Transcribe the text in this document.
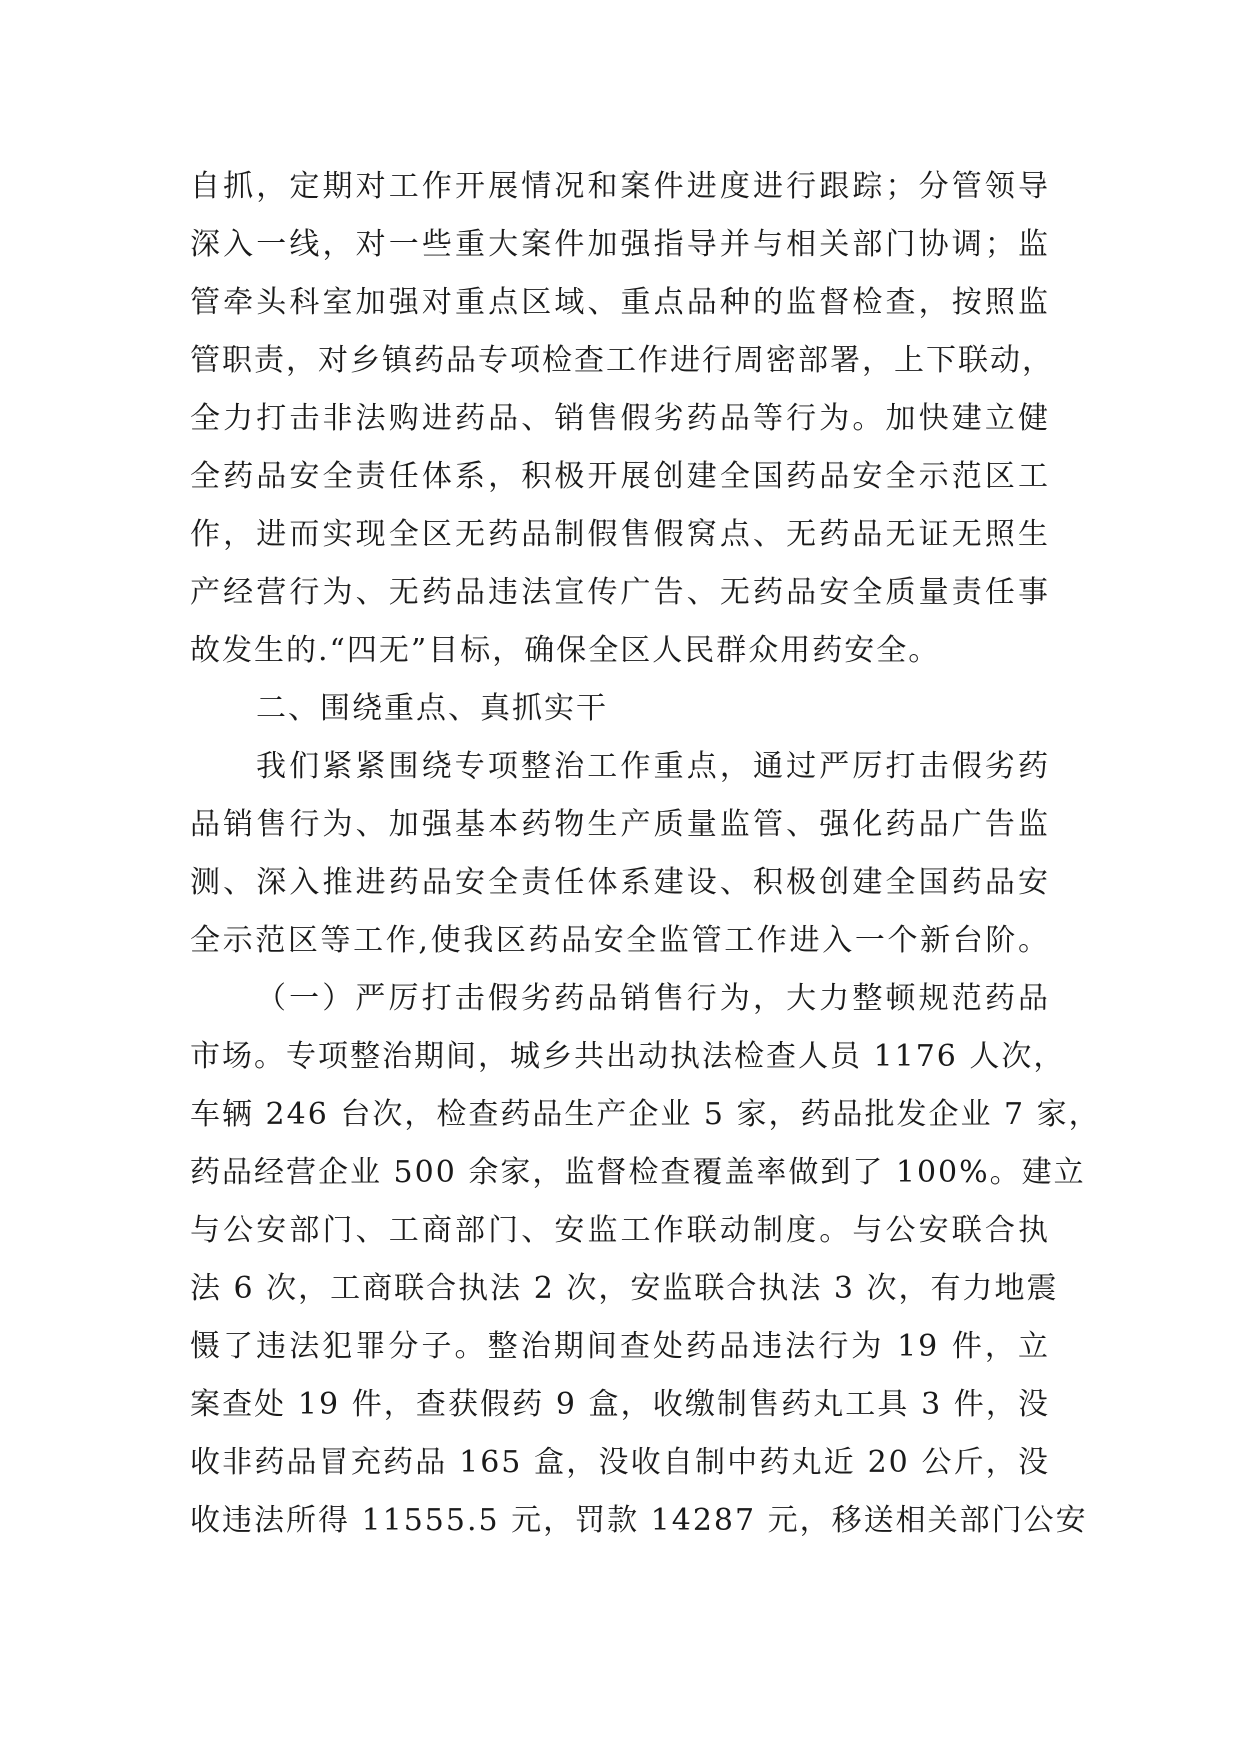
自抓，定期对工作开展情况和案件进度进行跟踪；分管领导
深入一线，对一些重大案件加强指导并与相关部门协调；监
管牵头科室加强对重点区域、重点品种的监督检查，按照监
管职责，对乡镇药品专项检查工作进行周密部署，上下联动，
全力打击非法购进药品、销售假劣药品等行为。加快建立健
全药品安全责任体系，积极开展创建全国药品安全示范区工
作，进而实现全区无药品制假售假窝点、无药品无证无照生
产经营行为、无药品违法宣传广告、无药品安全质量责任事
故发生的.“四无”目标，确保全区人民群众用药安全。
二、围绕重点、真抓实干
我们紧紧围绕专项整治工作重点，通过严厉打击假劣药
品销售行为、加强基本药物生产质量监管、强化药品广告监
测、深入推进药品安全责任体系建设、积极创建全国药品安
全示范区等工作,使我区药品安全监管工作进入一个新台阶。
（一）严厉打击假劣药品销售行为，大力整顿规范药品
市场。专项整治期间，城乡共出动执法检查人员 1176 人次，
车辆 246 台次，检查药品生产企业 5 家，药品批发企业 7 家，
药品经营企业 500 余家，监督检查覆盖率做到了 100%。建立
与公安部门、工商部门、安监工作联动制度。与公安联合执
法 6 次，工商联合执法 2 次，安监联合执法 3 次，有力地震
慑了违法犯罪分子。整治期间查处药品违法行为 19 件，立
案查处 19 件，查获假药 9 盒，收缴制售药丸工具 3 件，没
收非药品冒充药品 165 盒，没收自制中药丸近 20 公斤，没
收违法所得 11555.5 元，罚款 14287 元，移送相关部门公安
